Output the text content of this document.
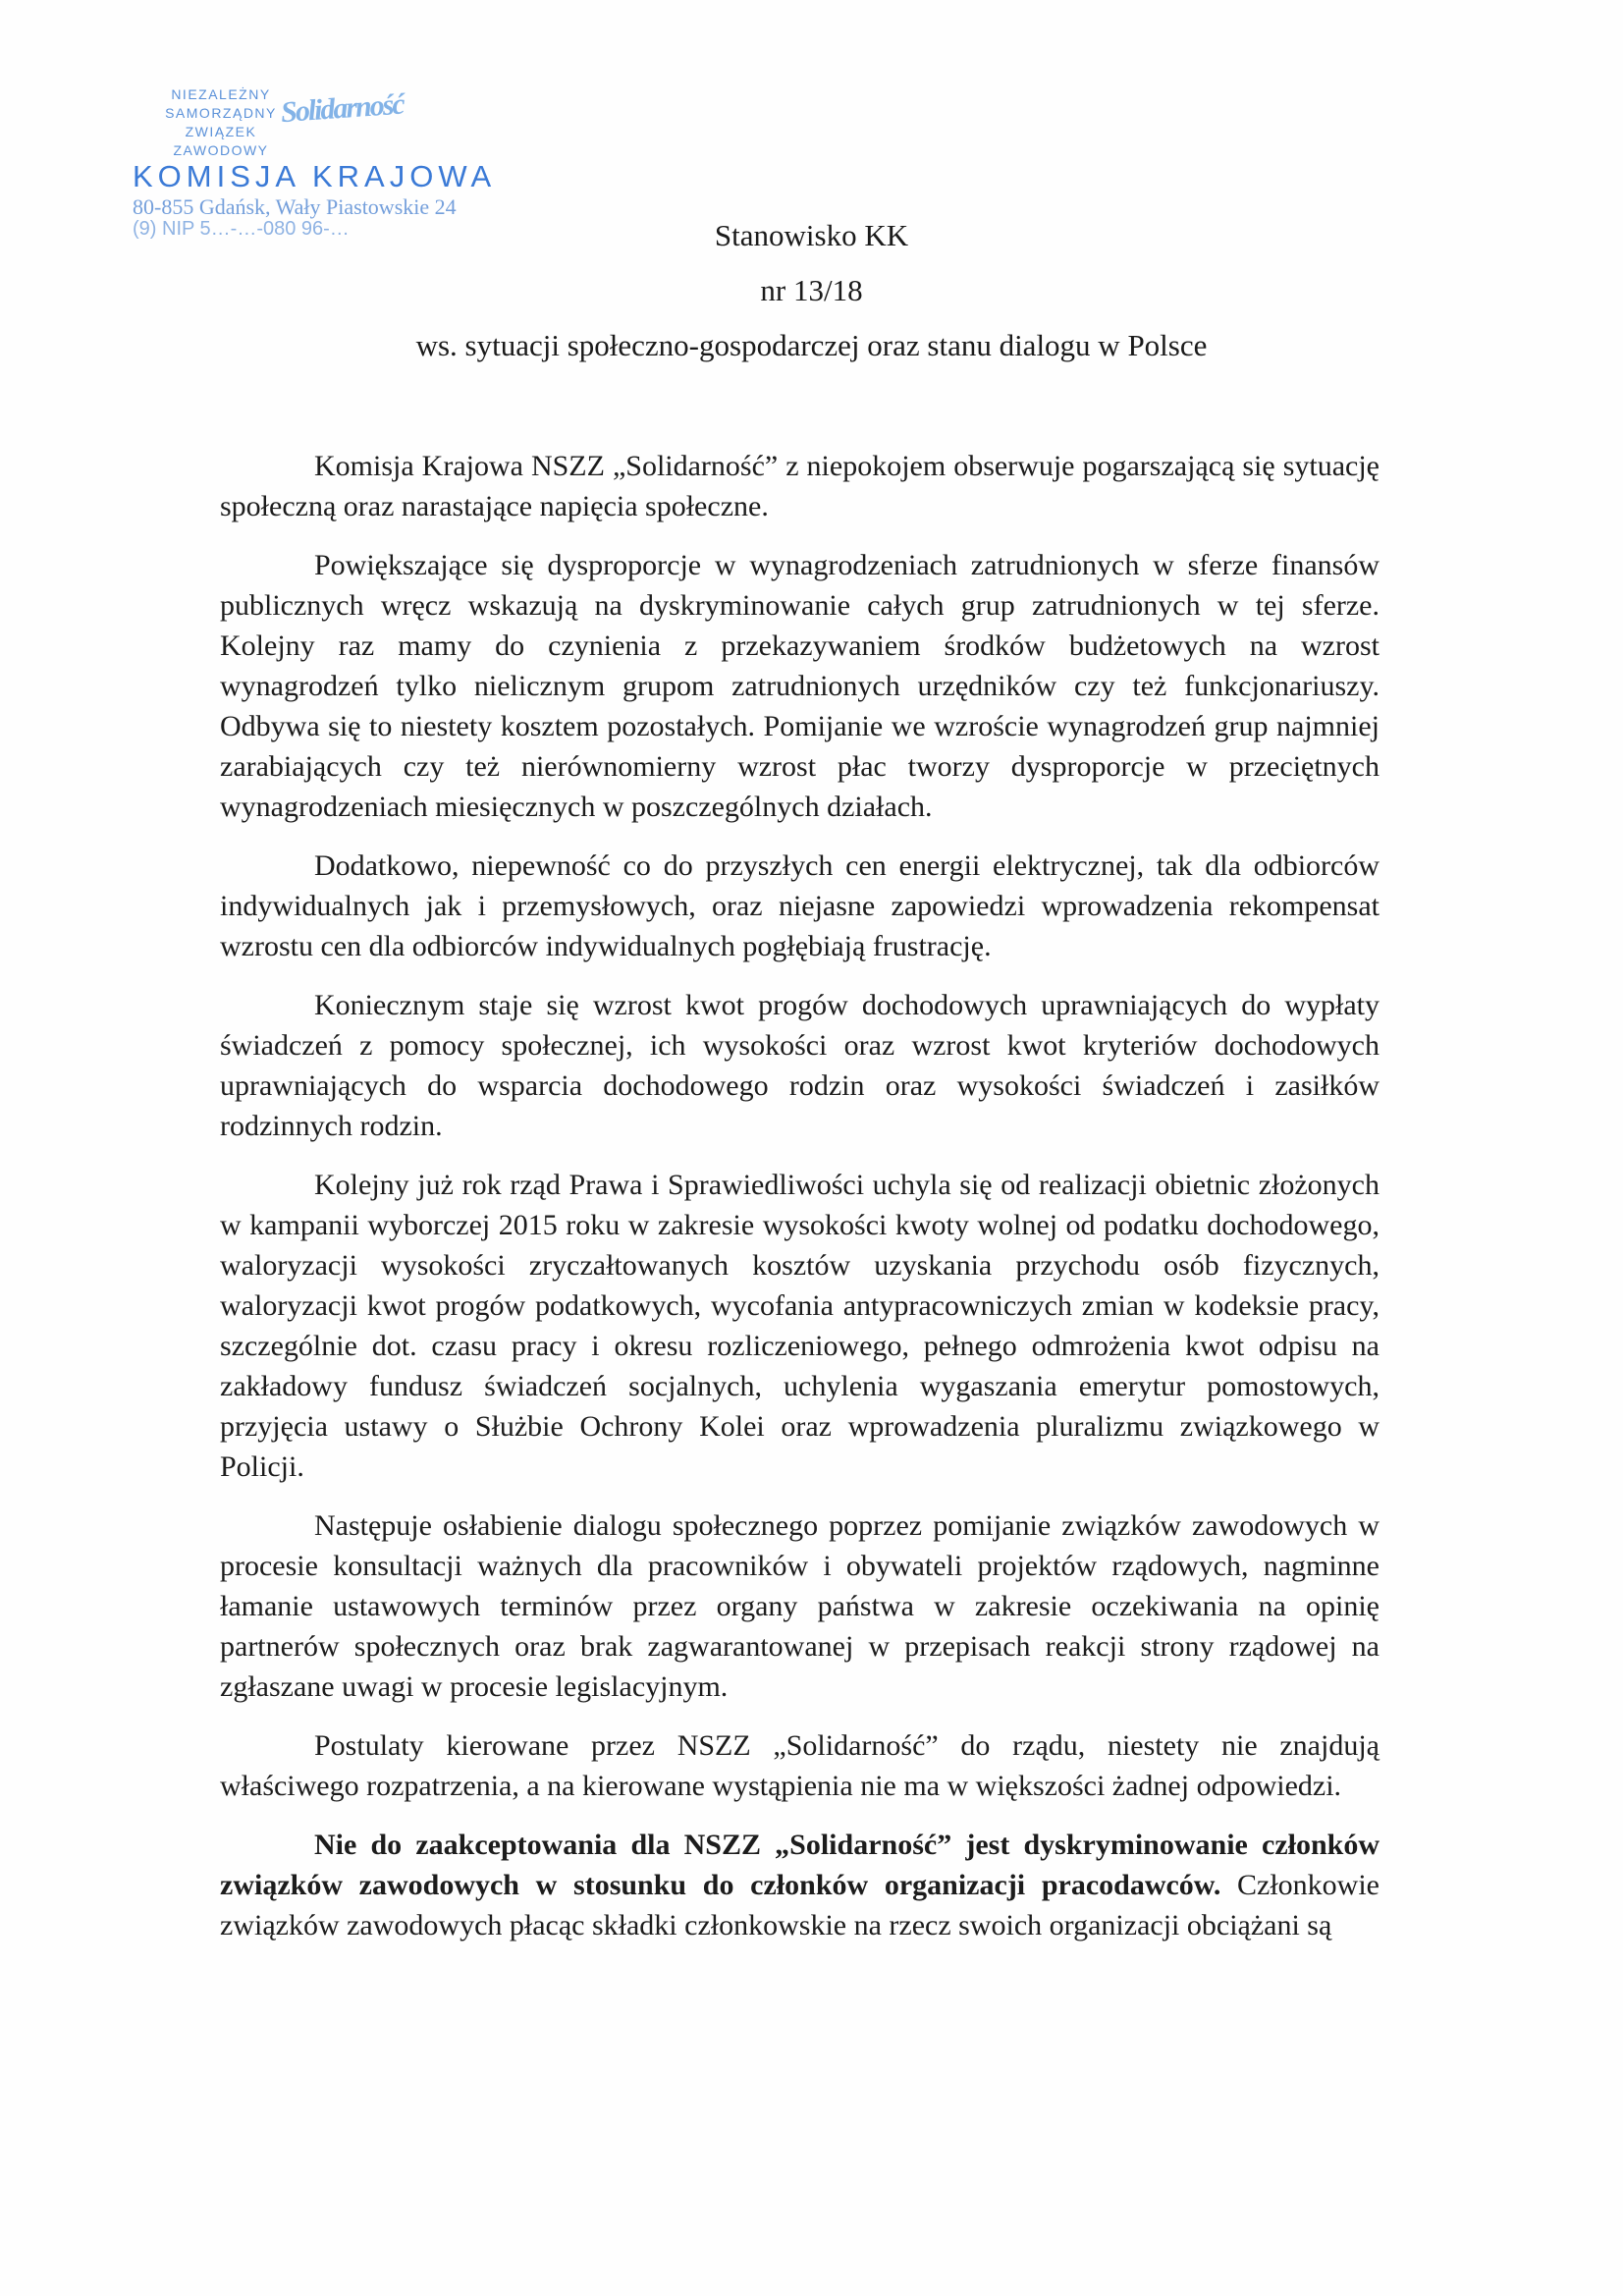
NIEZALEŻNY
SAMORZĄDNY
ZWIĄZEK
ZAWODOWY
Solidarność
KOMISJA KRAJOWA
80-855 Gdańsk, Wały Piastowskie 24
(9) NIP 5…-…-080 96-…	Stanowisko KK
nr 13/18
ws. sytuacji społeczno-gospodarczej oraz stanu dialogu w Polsce

Komisja Krajowa NSZZ „Solidarność” z niepokojem obserwuje pogarszającą się sytuację społeczną oraz narastające napięcia społeczne.

Powiększające się dysproporcje w wynagrodzeniach zatrudnionych w sferze finansów publicznych wręcz wskazują na dyskryminowanie całych grup zatrudnionych w tej sferze. Kolejny raz mamy do czynienia z przekazywaniem środków budżetowych na wzrost wynagrodzeń tylko nielicznym grupom zatrudnionych urzędników czy też funkcjonariuszy. Odbywa się to niestety kosztem pozostałych. Pomijanie we wzroście wynagrodzeń grup najmniej zarabiających czy też nierównomierny wzrost płac tworzy dysproporcje w przeciętnych wynagrodzeniach miesięcznych w poszczególnych działach.

Dodatkowo, niepewność co do przyszłych cen energii elektrycznej, tak dla odbiorców indywidualnych jak i przemysłowych, oraz niejasne zapowiedzi wprowadzenia rekompensat wzrostu cen dla odbiorców indywidualnych pogłębiają frustrację.

Koniecznym staje się wzrost kwot progów dochodowych uprawniających do wypłaty świadczeń z pomocy społecznej, ich wysokości oraz wzrost kwot kryteriów dochodowych uprawniających do wsparcia dochodowego rodzin oraz wysokości świadczeń i zasiłków rodzinnych rodzin.

Kolejny już rok rząd Prawa i Sprawiedliwości uchyla się od realizacji obietnic złożonych w kampanii wyborczej 2015 roku w zakresie wysokości kwoty wolnej od podatku dochodowego, waloryzacji wysokości zryczałtowanych kosztów uzyskania przychodu osób fizycznych, waloryzacji kwot progów podatkowych, wycofania antypracowniczych zmian w kodeksie pracy, szczególnie dot. czasu pracy i okresu rozliczeniowego, pełnego odmrożenia kwot odpisu na zakładowy fundusz świadczeń socjalnych, uchylenia wygaszania emerytur pomostowych, przyjęcia ustawy o Służbie Ochrony Kolei oraz wprowadzenia pluralizmu związkowego w Policji.

Następuje osłabienie dialogu społecznego poprzez pomijanie związków zawodowych w procesie konsultacji ważnych dla pracowników i obywateli projektów rządowych, nagminne łamanie ustawowych terminów przez organy państwa w zakresie oczekiwania na opinię partnerów społecznych oraz brak zagwarantowanej w przepisach reakcji strony rządowej na zgłaszane uwagi w procesie legislacyjnym.

Postulaty kierowane przez NSZZ „Solidarność” do rządu, niestety nie znajdują właściwego rozpatrzenia, a na kierowane wystąpienia nie ma w większości żadnej odpowiedzi.

Nie do zaakceptowania dla NSZZ „Solidarność” jest dyskryminowanie członków związków zawodowych w stosunku do członków organizacji pracodawców. Członkowie związków zawodowych płacąc składki członkowskie na rzecz swoich organizacji obciążani są
